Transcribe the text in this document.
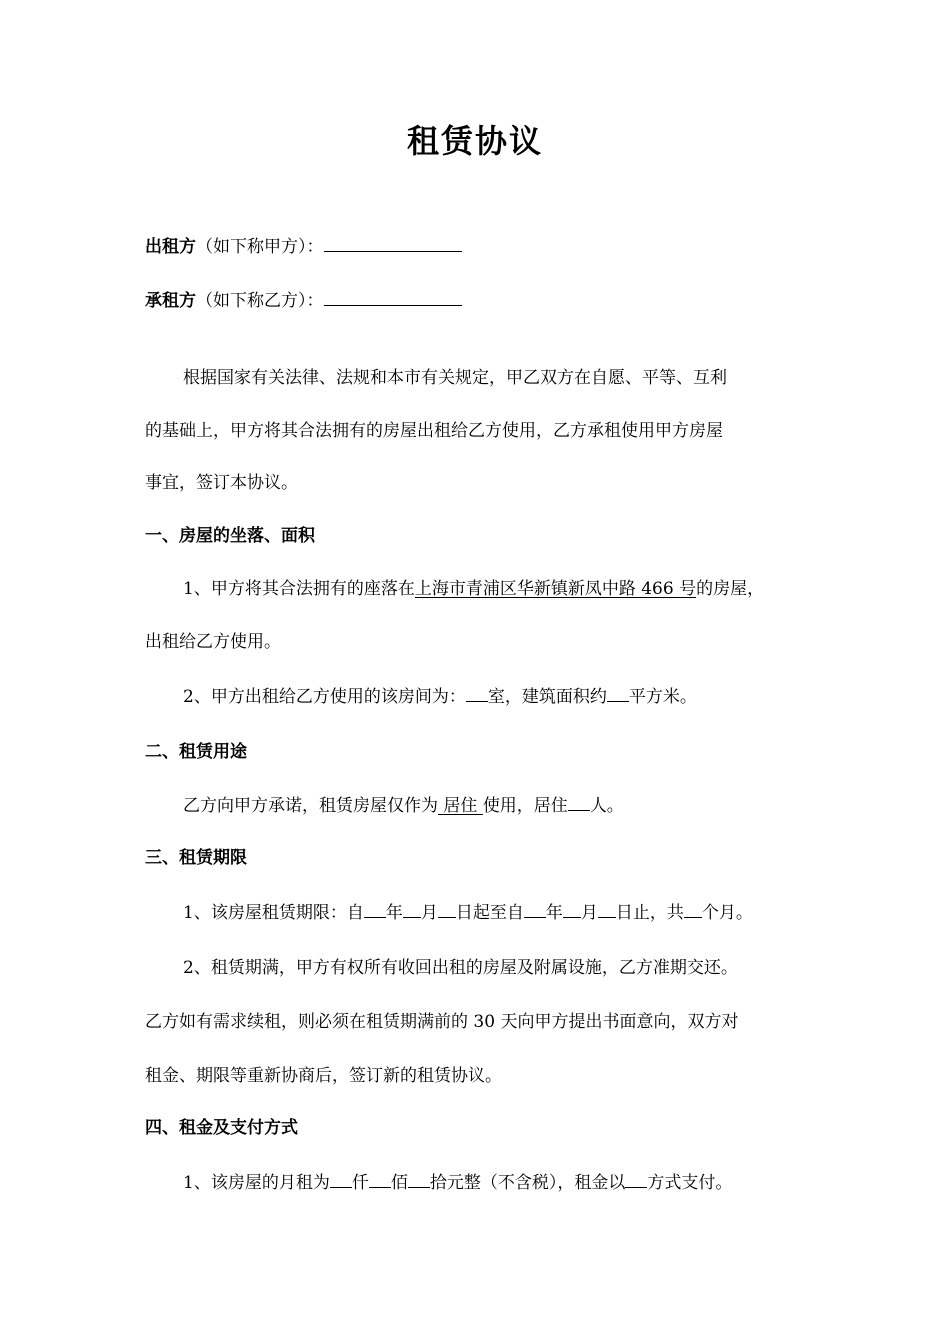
租赁协议
出租方（如下称甲方）：
承租方（如下称乙方）：
根据国家有关法律、法规和本市有关规定，甲乙双方在自愿、平等、互利
的基础上，甲方将其合法拥有的房屋出租给乙方使用，乙方承租使用甲方房屋
事宜，签订本协议。
一、房屋的坐落、面积
1、甲方将其合法拥有的座落在上海市青浦区华新镇新凤中路 466 号的房屋，
出租给乙方使用。
2、甲方出租给乙方使用的该房间为： 室，建筑面积约 平方米。
二、租赁用途
乙方向甲方承诺，租赁房屋仅作为 居住 使用，居住 人。
三、租赁期限
1、该房屋租赁期限：自 年 月 日起至自 年 月 日止，共 个月。
2、租赁期满，甲方有权所有收回出租的房屋及附属设施，乙方准期交还。
乙方如有需求续租，则必须在租赁期满前的 30 天向甲方提出书面意向，双方对
租金、期限等重新协商后，签订新的租赁协议。
四、租金及支付方式
1、该房屋的月租为 仟 佰 拾元整（不含税），租金以 方式支付。
